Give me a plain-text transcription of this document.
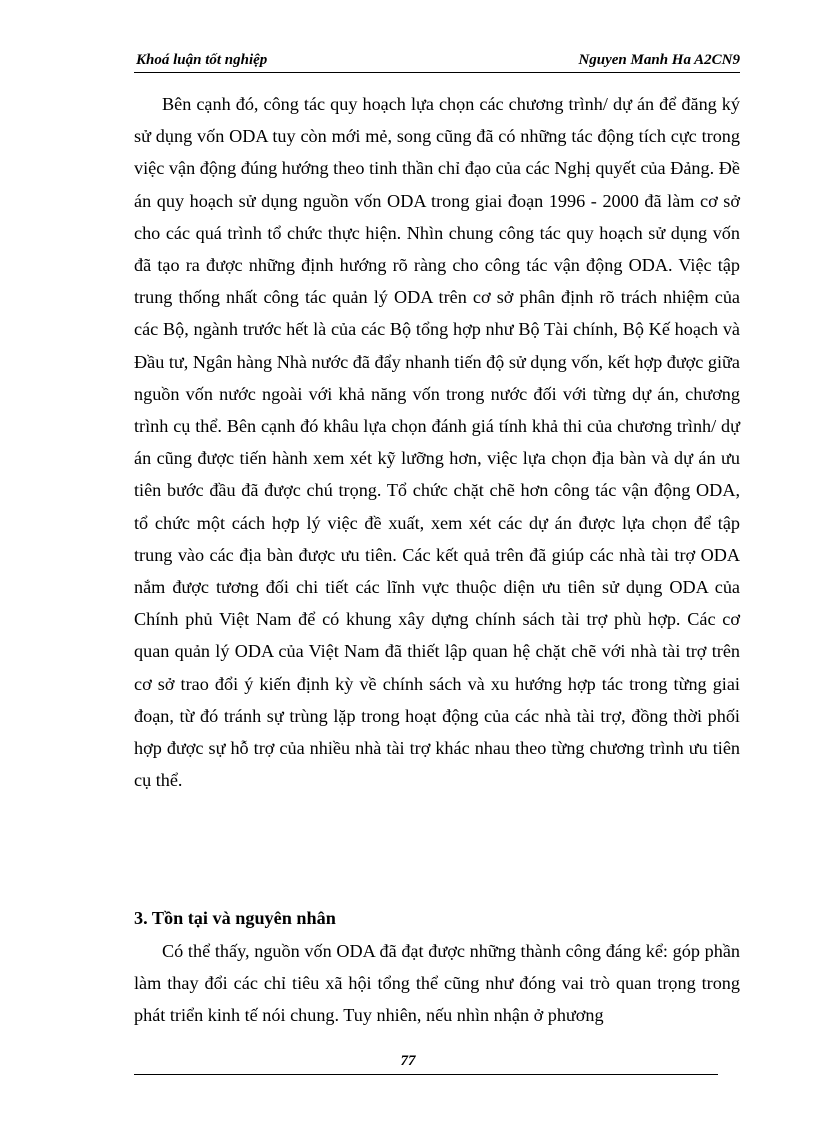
Khoá luận tốt nghiệp	Nguyen Manh Ha A2CN9

Bên cạnh đó, công tác quy hoạch lựa chọn các chương trình/ dự án để đăng ký sử dụng vốn ODA tuy còn mới mẻ, song cũng đã có những tác động tích cực trong việc vận động đúng hướng theo tinh thần chỉ đạo của các Nghị quyết của Đảng. Đề án quy hoạch sử dụng nguồn vốn ODA trong giai đoạn 1996 - 2000 đã làm cơ sở cho các quá trình tổ chức thực hiện. Nhìn chung công tác quy hoạch sử dụng vốn đã tạo ra được những định hướng rõ ràng cho công tác vận động ODA. Việc tập trung thống nhất công tác quản lý ODA trên cơ sở phân định rõ trách nhiệm của các Bộ, ngành trước hết là của các Bộ tổng hợp như Bộ Tài chính, Bộ Kế hoạch và Đầu tư, Ngân hàng Nhà nước đã đẩy nhanh tiến độ sử dụng vốn, kết hợp được giữa nguồn vốn nước ngoài với khả năng vốn trong nước đối với từng dự án, chương trình cụ thể. Bên cạnh đó khâu lựa chọn đánh giá tính khả thi của chương trình/ dự án cũng được tiến hành xem xét kỹ lưỡng hơn, việc lựa chọn địa bàn và dự án ưu tiên bước đầu đã được chú trọng. Tổ chức chặt chẽ hơn công tác vận động ODA, tổ chức một cách hợp lý việc đề xuất, xem xét các dự án được lựa chọn để tập trung vào các địa bàn được ưu tiên. Các kết quả trên đã giúp các nhà tài trợ ODA nắm được tương đối chi tiết các lĩnh vực thuộc diện ưu tiên sử dụng ODA của Chính phủ Việt Nam để có khung xây dựng chính sách tài trợ phù hợp. Các cơ quan quản lý ODA của Việt Nam đã thiết lập quan hệ chặt chẽ với nhà tài trợ trên cơ sở trao đổi ý kiến định kỳ về chính sách và xu hướng hợp tác trong từng giai đoạn, từ đó tránh sự trùng lặp trong hoạt động của các nhà tài trợ, đồng thời phối hợp được sự hỗ trợ của nhiều nhà tài trợ khác nhau theo từng chương trình ưu tiên cụ thể.

3. Tồn tại và nguyên nhân

Có thể thấy, nguồn vốn ODA đã đạt được những thành công đáng kể: góp phần làm thay đổi các chỉ tiêu xã hội tổng thể cũng như đóng vai trò quan trọng trong phát triển kinh tế nói chung. Tuy nhiên, nếu nhìn nhận ở phương

77
